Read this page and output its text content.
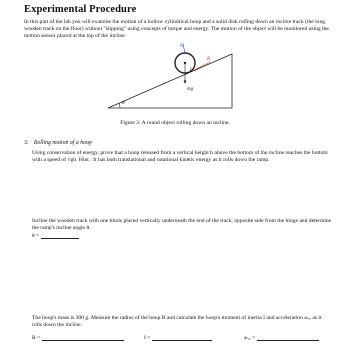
Experimental Procedure
In this part of the lab you will examine the motion of a hollow cylindrical hoop and a solid disk rolling down an incline track (the long wooden track on the floor) without "slipping" using concepts of torque and energy. The motion of the object will be monitored using the motion sensor placed at the top of the incline.
θ
N
f
R
mg
Figure 2: A round object rolling down an incline.
3. Rolling motion of a hoop
Using conservation of energy, prove that a hoop released from a vertical height h above the bottom of the incline reaches the bottom with a speed of √gh. Hint : It has both translational and rotational kinetic energy as it rolls down the ramp.
Incline the wooden track with one block placed vertically underneath the end of the track, opposite side from the hinge and determine the ramp's incline angle θ.
θ =
The hoop's mass is 300 g. Measure the radius of the hoop R and calculate the hoop's moment of inertia I and acceleration aₜᵣₐ as it rolls down the incline.
R =	I =	aₜᵣₐ =
